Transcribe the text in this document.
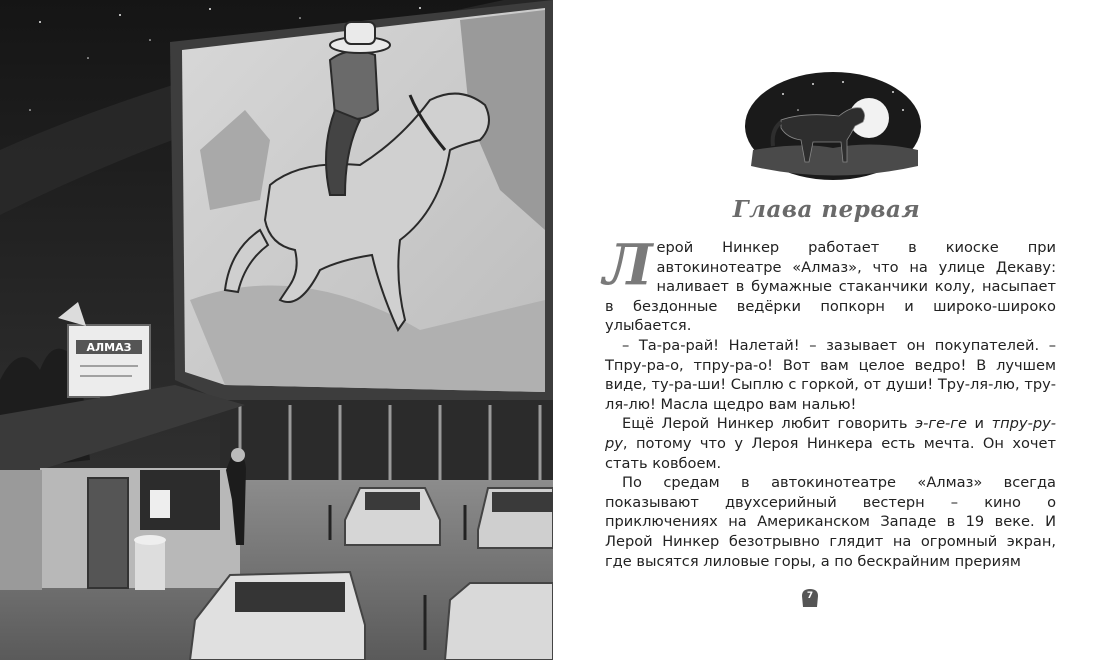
АЛМАЗ
Глава первая

Лерой Нинкер работает в киоске при автокинотеатре «Алмаз», что на улице Декаву: наливает в бумажные стаканчики колу, насыпает в бездонные ведёрки попкорн и широко-широко улыбается.

– Та-ра-рай! Налетай! – зазывает он покупателей. – Тпру-ра-о, тпру-ра-о! Вот вам целое ведро! В лучшем виде, ту-ра-ши! Сыплю с горкой, от души! Тру-ля-лю, тру-ля-лю! Масла щедро вам налью!

Ещё Лерой Нинкер любит говорить э-ге-ге и тпру-ру-ру, потому что у Лероя Нинкера есть мечта. Он хочет стать ковбоем.

По средам в автокинотеатре «Алмаз» всегда показывают двухсерийный вестерн – кино о приключениях на Американском Западе в 19 веке. И Лерой Нинкер безотрывно глядит на огромный экран, где высятся лиловые горы, а по бескрайним прериям

7
